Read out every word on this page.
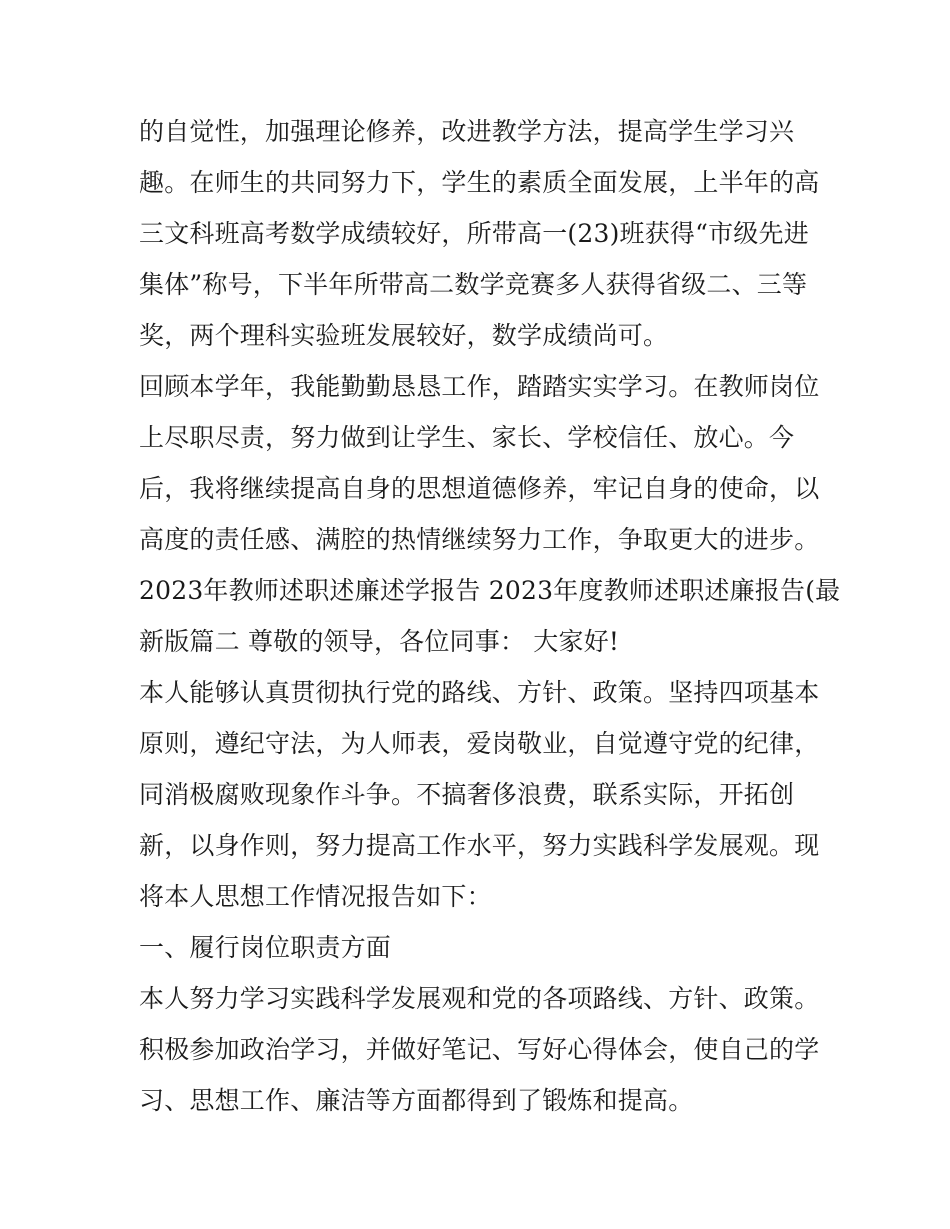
的自觉性，加强理论修养，改进教学方法，提高学生学习兴
趣。在师生的共同努力下，学生的素质全面发展，上半年的高
三文科班高考数学成绩较好，所带高一(23)班获得“市级先进
集体”称号，下半年所带高二数学竞赛多人获得省级二、三等
奖，两个理科实验班发展较好，数学成绩尚可。
回顾本学年，我能勤勤恳恳工作，踏踏实实学习。在教师岗位
上尽职尽责，努力做到让学生、家长、学校信任、放心。今
后，我将继续提高自身的思想道德修养，牢记自身的使命，以
高度的责任感、满腔的热情继续努力工作，争取更大的进步。
2023年教师述职述廉述学报告 2023年度教师述职述廉报告(最
新版篇二 尊敬的领导，各位同事： 大家好!
本人能够认真贯彻执行党的路线、方针、政策。坚持四项基本
原则，遵纪守法，为人师表，爱岗敬业，自觉遵守党的纪律，
同消极腐败现象作斗争。不搞奢侈浪费，联系实际，开拓创
新，以身作则，努力提高工作水平，努力实践科学发展观。现
将本人思想工作情况报告如下：
一、履行岗位职责方面
本人努力学习实践科学发展观和党的各项路线、方针、政策。
积极参加政治学习，并做好笔记、写好心得体会，使自己的学
习、思想工作、廉洁等方面都得到了锻炼和提高。
